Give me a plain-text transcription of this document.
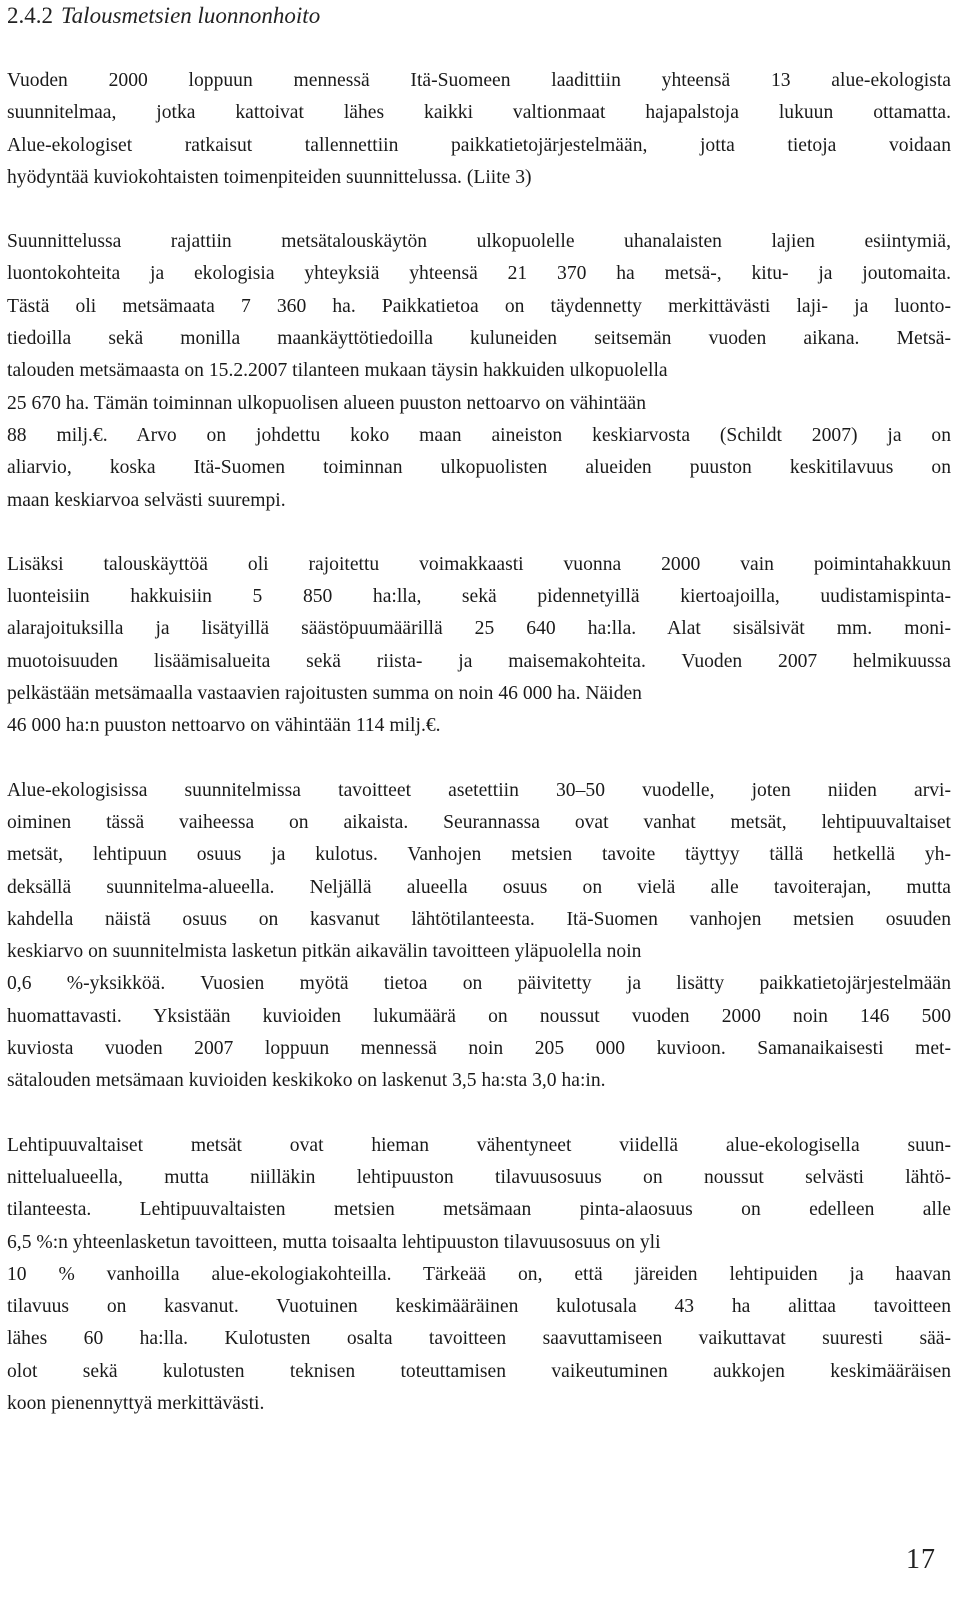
2.4.2 Talousmetsien luonnonhoito

Vuoden 2000 loppuun mennessä Itä-Suomeen laadittiin yhteensä 13 alue-ekologista
suunnitelmaa, jotka kattoivat lähes kaikki valtionmaat hajapalstoja lukuun ottamatta.
Alue-ekologiset ratkaisut tallennettiin paikkatietojärjestelmään, jotta tietoja voidaan
hyödyntää kuviokohtaisten toimenpiteiden suunnittelussa. (Liite 3)

Suunnittelussa rajattiin metsätalouskäytön ulkopuolelle uhanalaisten lajien esiintymiä,
luontokohteita ja ekologisia yhteyksiä yhteensä 21 370 ha metsä-, kitu- ja joutomaita.
Tästä oli metsämaata 7 360 ha. Paikkatietoa on täydennetty merkittävästi laji- ja luonto-
tiedoilla sekä monilla maankäyttötiedoilla kuluneiden seitsemän vuoden aikana. Metsä-
talouden metsämaasta on 15.2.2007 tilanteen mukaan täysin hakkuiden ulkopuolella
25 670 ha. Tämän toiminnan ulkopuolisen alueen puuston nettoarvo on vähintään
88 milj.€. Arvo on johdettu koko maan aineiston keskiarvosta (Schildt 2007) ja on
aliarvio, koska Itä-Suomen toiminnan ulkopuolisten alueiden puuston keskitilavuus on
maan keskiarvoa selvästi suurempi.

Lisäksi talouskäyttöä oli rajoitettu voimakkaasti vuonna 2000 vain poimintahakkuun
luonteisiin hakkuisiin 5 850 ha:lla, sekä pidennetyillä kiertoajoilla, uudistamispinta-
alarajoituksilla ja lisätyillä säästöpuumäärillä 25 640 ha:lla. Alat sisälsivät mm. moni-
muotoisuuden lisäämisalueita sekä riista- ja maisemakohteita. Vuoden 2007 helmikuussa
pelkästään metsämaalla vastaavien rajoitusten summa on noin 46 000 ha. Näiden
46 000 ha:n puuston nettoarvo on vähintään 114 milj.€.

Alue-ekologisissa suunnitelmissa tavoitteet asetettiin 30–50 vuodelle, joten niiden arvi-
oiminen tässä vaiheessa on aikaista. Seurannassa ovat vanhat metsät, lehtipuuvaltaiset
metsät, lehtipuun osuus ja kulotus. Vanhojen metsien tavoite täyttyy tällä hetkellä yh-
deksällä suunnitelma-alueella. Neljällä alueella osuus on vielä alle tavoiterajan, mutta
kahdella näistä osuus on kasvanut lähtötilanteesta. Itä-Suomen vanhojen metsien osuuden
keskiarvo on suunnitelmista lasketun pitkän aikavälin tavoitteen yläpuolella noin
0,6 %-yksikköä. Vuosien myötä tietoa on päivitetty ja lisätty paikkatietojärjestelmään
huomattavasti. Yksistään kuvioiden lukumäärä on noussut vuoden 2000 noin 146 500
kuviosta vuoden 2007 loppuun mennessä noin 205 000 kuvioon. Samanaikaisesti met-
sätalouden metsämaan kuvioiden keskikoko on laskenut 3,5 ha:sta 3,0 ha:in.

Lehtipuuvaltaiset metsät ovat hieman vähentyneet viidellä alue-ekologisella suun-
nittelualueella, mutta niilläkin lehtipuuston tilavuusosuus on noussut selvästi lähtö-
tilanteesta. Lehtipuuvaltaisten metsien metsämaan pinta-alaosuus on edelleen alle
6,5 %:n yhteenlasketun tavoitteen, mutta toisaalta lehtipuuston tilavuusosuus on yli
10 % vanhoilla alue-ekologiakohteilla. Tärkeää on, että järeiden lehtipuiden ja haavan
tilavuus on kasvanut. Vuotuinen keskimääräinen kulotusala 43 ha alittaa tavoitteen
lähes 60 ha:lla. Kulotusten osalta tavoitteen saavuttamiseen vaikuttavat suuresti sää-
olot sekä kulotusten teknisen toteuttamisen vaikeutuminen aukkojen keskimääräisen
koon pienennyttyä merkittävästi.

17
